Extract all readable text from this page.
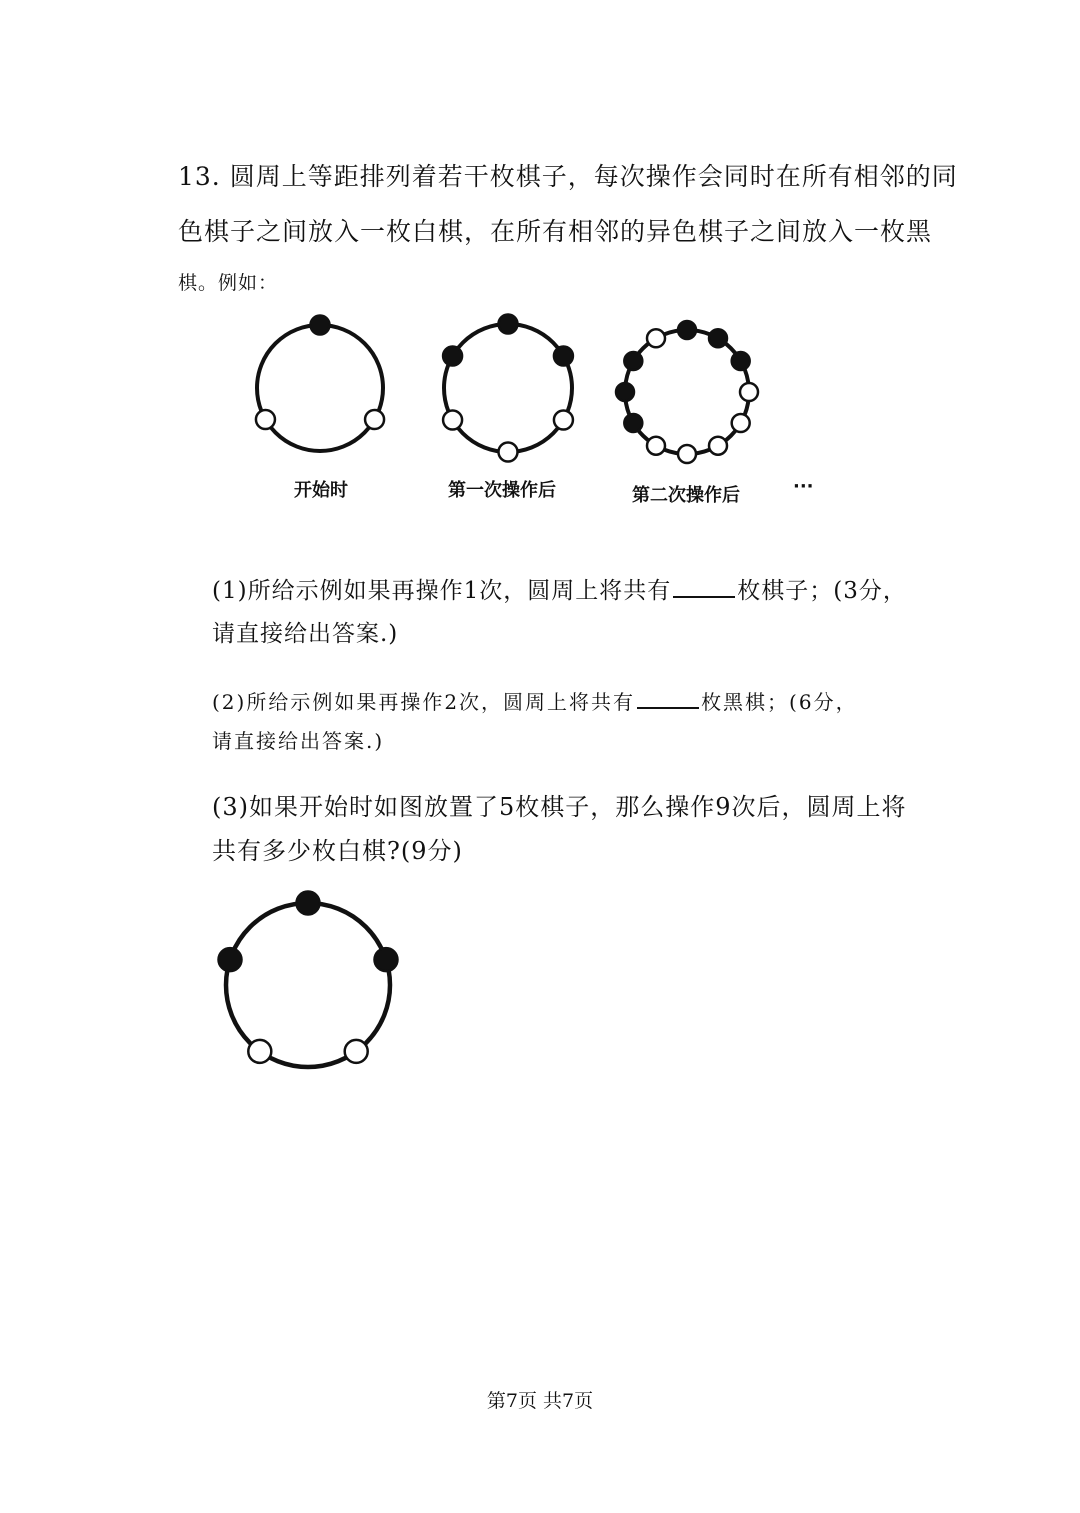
13. 圆周上等距排列着若干枚棋子，每次操作会同时在所有相邻的同
色棋子之间放入一枚白棋，在所有相邻的异色棋子之间放入一枚黑
棋。例如：
开始时	第一次操作后	第二次操作后	···
(1)所给示例如果再操作1次，圆周上将共有	枚棋子；(3分，
请直接给出答案.)
(2)所给示例如果再操作2次，圆周上将共有	枚黑棋；(6分，
请直接给出答案.)
(3)如果开始时如图放置了5枚棋子，那么操作9次后，圆周上将
共有多少枚白棋?(9分)
第7页 共7页
